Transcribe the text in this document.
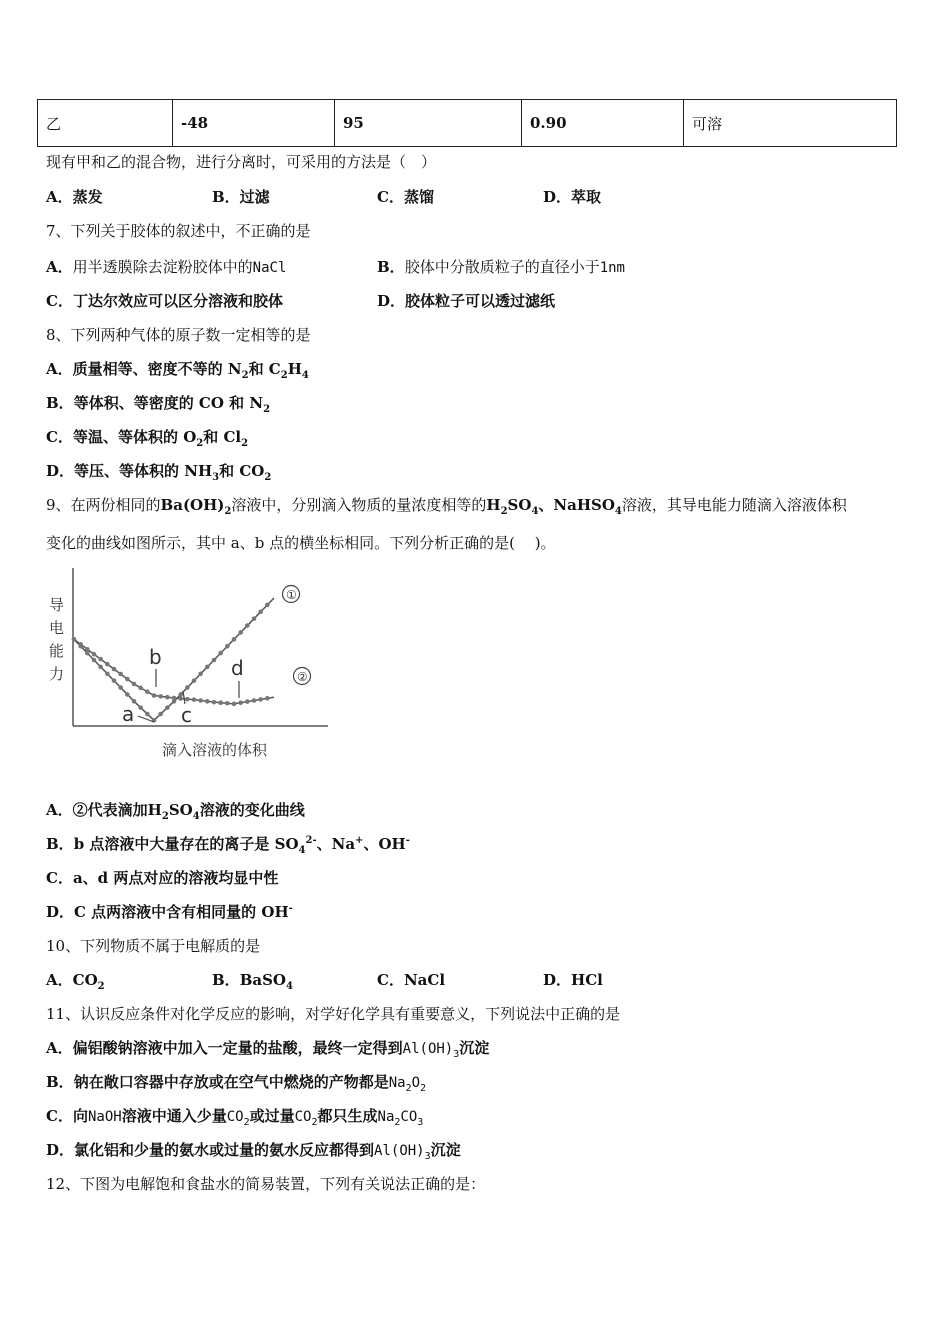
乙	-48	95	0.90	可溶
现有甲和乙的混合物，进行分离时，可采用的方法是（　）
A．蒸发	B．过滤	C．蒸馏	D．萃取
7、下列关于胶体的叙述中，不正确的是
A．用半透膜除去淀粉胶体中的NaCl	B．胶体中分散质粒子的直径小于1nm
C．丁达尔效应可以区分溶液和胶体	D．胶体粒子可以透过滤纸
8、下列两种气体的原子数一定相等的是
A．质量相等、密度不等的 $N_2$和 $C_2H_4$
B．等体积、等密度的 CO 和 $N_2$
C．等温、等体积的 $O_2$和 $Cl_2$
D．等压、等体积的 $NH_3$和 $CO_2$
9、在两份相同的$Ba(OH)_2$溶液中，分别滴入物质的量浓度相等的$H_2SO_4$、NaHSO$_4$溶液，其导电能力随滴入溶液体积
变化的曲线如图所示，其中 a、b 点的横坐标相同。下列分析正确的是(　 )。
导
电
能
力
滴入溶液的体积
b
a c
d
①
②
A．②代表滴加$H_2SO_4$溶液的变化曲线
B．b 点溶液中大量存在的离子是 $SO_4^{2-}$、Na+、OH-
C．a、d 两点对应的溶液均显中性
D．C 点两溶液中含有相同量的 OH-
10、下列物质不属于电解质的是
A．$CO_2$	B．BaSO$_4$	C．NaCl	D．HCl
11、认识反应条件对化学反应的影响，对学好化学具有重要意义，下列说法中正确的是
A．偏铝酸钠溶液中加入一定量的盐酸，最终一定得到$Al(OH)_3$沉淀
B．钠在敞口容器中存放或在空气中燃烧的产物都是$Na_2O_2$
C．向NaOH溶液中通入少量$CO_2$或过量$CO_2$都只生成$Na_2CO_3$
D．氯化铝和少量的氨水或过量的氨水反应都得到$Al(OH)_3$沉淀
12、下图为电解饱和食盐水的简易装置，下列有关说法正确的是：
